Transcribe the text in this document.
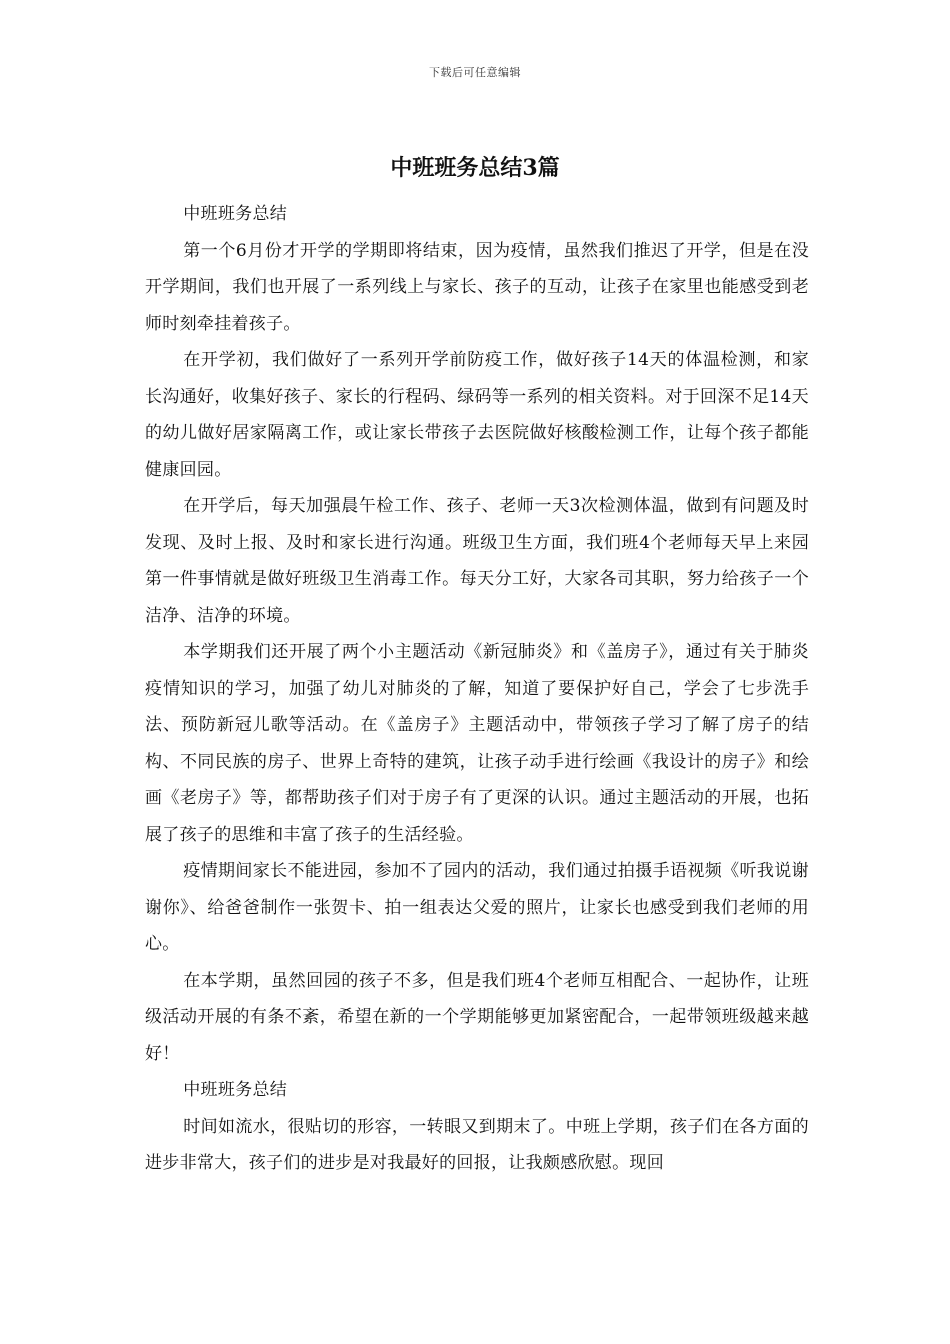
下载后可任意编辑
中班班务总结3篇

中班班务总结

第一个6月份才开学的学期即将结束，因为疫情，虽然我们推迟了开学，但是在没开学期间，我们也开展了一系列线上与家长、孩子的互动，让孩子在家里也能感受到老师时刻牵挂着孩子。

在开学初，我们做好了一系列开学前防疫工作，做好孩子14天的体温检测，和家长沟通好，收集好孩子、家长的行程码、绿码等一系列的相关资料。对于回深不足14天的幼儿做好居家隔离工作，或让家长带孩子去医院做好核酸检测工作，让每个孩子都能健康回园。

在开学后，每天加强晨午检工作、孩子、老师一天3次检测体温，做到有问题及时发现、及时上报、及时和家长进行沟通。班级卫生方面，我们班4个老师每天早上来园第一件事情就是做好班级卫生消毒工作。每天分工好，大家各司其职，努力给孩子一个洁净、洁净的环境。

本学期我们还开展了两个小主题活动《新冠肺炎》和《盖房子》，通过有关于肺炎疫情知识的学习，加强了幼儿对肺炎的了解，知道了要保护好自己，学会了七步洗手法、预防新冠儿歌等活动。在《盖房子》主题活动中，带领孩子学习了解了房子的结构、不同民族的房子、世界上奇特的建筑，让孩子动手进行绘画《我设计的房子》和绘画《老房子》等，都帮助孩子们对于房子有了更深的认识。通过主题活动的开展，也拓展了孩子的思维和丰富了孩子的生活经验。

疫情期间家长不能进园，参加不了园内的活动，我们通过拍摄手语视频《听我说谢谢你》、给爸爸制作一张贺卡、拍一组表达父爱的照片，让家长也感受到我们老师的用心。

在本学期，虽然回园的孩子不多，但是我们班4个老师互相配合、一起协作，让班级活动开展的有条不紊，希望在新的一个学期能够更加紧密配合，一起带领班级越来越好！

中班班务总结

时间如流水，很贴切的形容，一转眼又到期末了。中班上学期，孩子们在各方面的进步非常大，孩子们的进步是对我最好的回报，让我颇感欣慰。现回
